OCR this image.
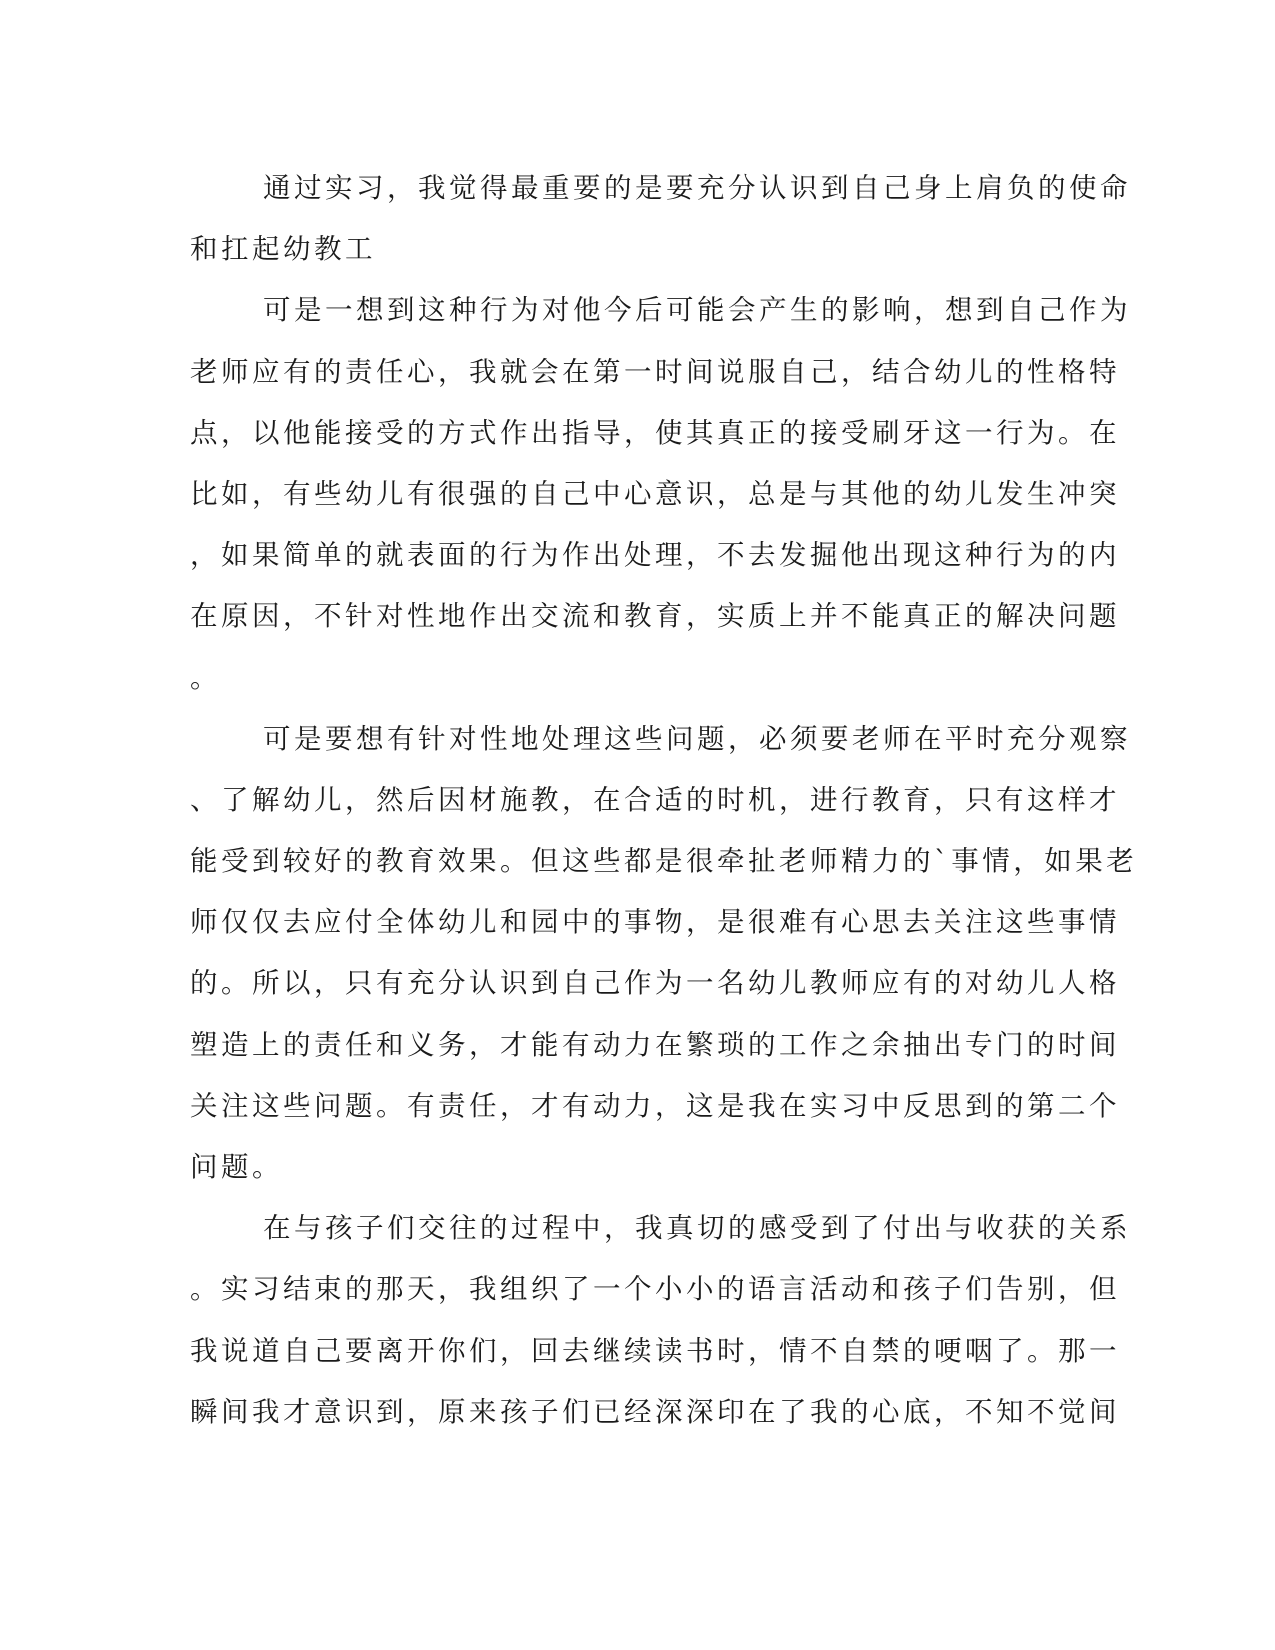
通过实习，我觉得最重要的是要充分认识到自己身上肩负的使命
和扛起幼教工
可是一想到这种行为对他今后可能会产生的影响，想到自己作为
老师应有的责任心，我就会在第一时间说服自己，结合幼儿的性格特
点，以他能接受的方式作出指导，使其真正的接受刷牙这一行为。在
比如，有些幼儿有很强的自己中心意识，总是与其他的幼儿发生冲突
，如果简单的就表面的行为作出处理，不去发掘他出现这种行为的内
在原因，不针对性地作出交流和教育，实质上并不能真正的解决问题
。
可是要想有针对性地处理这些问题，必须要老师在平时充分观察
、了解幼儿，然后因材施教，在合适的时机，进行教育，只有这样才
能受到较好的教育效果。但这些都是很牵扯老师精力的`事情，如果老
师仅仅去应付全体幼儿和园中的事物，是很难有心思去关注这些事情
的。所以，只有充分认识到自己作为一名幼儿教师应有的对幼儿人格
塑造上的责任和义务，才能有动力在繁琐的工作之余抽出专门的时间
关注这些问题。有责任，才有动力，这是我在实习中反思到的第二个
问题。
在与孩子们交往的过程中，我真切的感受到了付出与收获的关系
。实习结束的那天，我组织了一个小小的语言活动和孩子们告别，但
我说道自己要离开你们，回去继续读书时，情不自禁的哽咽了。那一
瞬间我才意识到，原来孩子们已经深深印在了我的心底，不知不觉间
